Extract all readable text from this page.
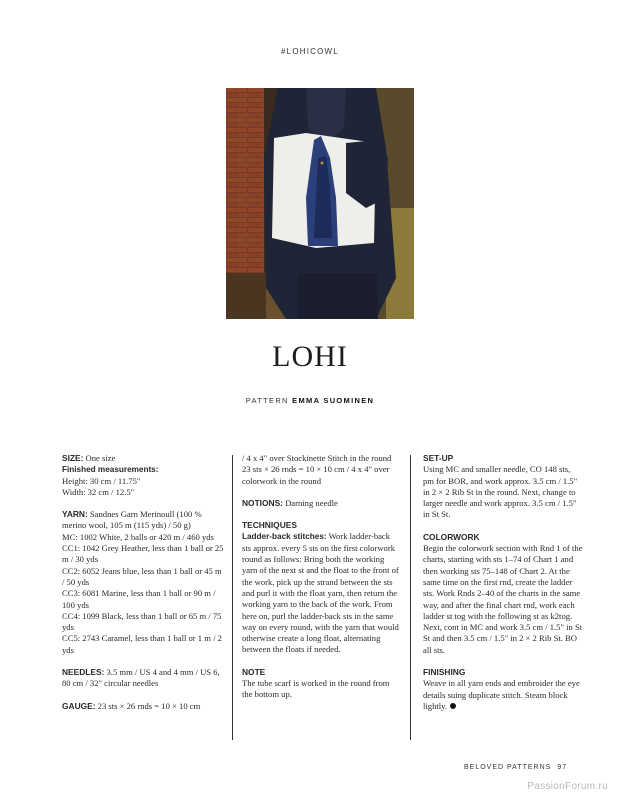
#LOHICOWL
LOHI
PATTERN EMMA SUOMINEN

SIZE: One size

Finished measurements:

Height: 30 cm / 11.75"

Width: 32 cm / 12.5"

YARN: Sandnes Garn Merinoull (100 % merino wool, 105 m (115 yds) / 50 g)

MC: 1002 White, 2 balls or 420 m / 460 yds

CC1: 1042 Grey Heather, less than 1 ball or 25 m / 30 yds

CC2: 6052 Jeans blue, less than 1 ball or 45 m / 50 yds

CC3: 6081 Marine, less than 1 ball or 90 m / 100 yds

CC4: 1099 Black, less than 1 ball or 65 m / 75 yds

CC5: 2743 Caramel, less than 1 ball or 1 m / 2 yds

NEEDLES: 3.5 mm / US 4 and 4 mm / US 6, 80 cm / 32" circular needles

GAUGE: 23 sts × 26 rnds = 10 × 10 cm

/ 4 x 4" over Stockinette Stitch in the round

23 sts × 26 rnds = 10 × 10 cm / 4 x 4" over colorwork in the round

NOTIONS: Darning needle

TECHNIQUES

Ladder-back stitches: Work ladder-back sts approx. every 5 sts on the first colorwork round as follows: Bring both the working yarn of the next st and the float to the front of the work, pick up the strand between the sts and purl it with the float yarn, then return the working yarn to the back of the work. From here on, purl the ladder-back sts in the same way on every round, with the yarn that would otherwise create a long float, alternating between the floats if needed.

NOTE

The tube scarf is worked in the round from the bottom up.

SET-UP

Using MC and smaller needle, CO 148 sts, pm for BOR, and work approx. 3.5 cm / 1.5" in 2 × 2 Rib St in the round. Next, change to larger needle and work approx. 3.5 cm / 1.5" in St St.

COLORWORK

Begin the colorwork section with Rnd 1 of the charts, starting with sts 1–74 of Chart 1 and then working sts 75–148 of Chart 2. At the same time on the first rnd, create the ladder sts. Work Rnds 2–40 of the charts in the same way, and after the final chart rnd, work each ladder st tog with the following st as k2tog. Next, cont in MC and work 3.5 cm / 1.5" in St St and then 3.5 cm / 1.5" in 2 × 2 Rib St. BO all sts.

FINISHING

Weave in all yarn ends and embroider the eye details suing duplicate stitch. Steam block lightly.

BELOVED PATTERNS 97
PassionForum.ru
